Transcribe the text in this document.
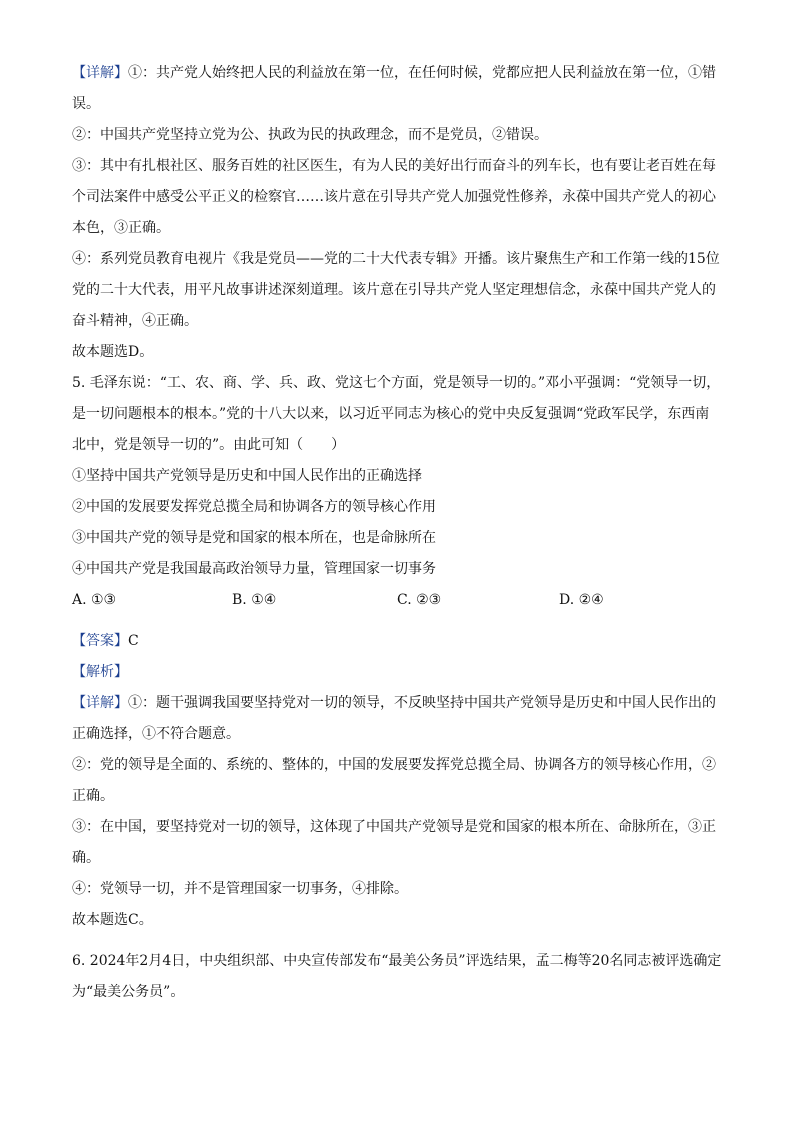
【详解】①：共产党人始终把人民的利益放在第一位，在任何时候，党都应把人民利益放在第一位，①错误。

②：中国共产党坚持立党为公、执政为民的执政理念，而不是党员，②错误。

③：其中有扎根社区、服务百姓的社区医生，有为人民的美好出行而奋斗的列车长，也有要让老百姓在每个司法案件中感受公平正义的检察官……该片意在引导共产党人加强党性修养，永葆中国共产党人的初心本色，③正确。

④：系列党员教育电视片《我是党员——党的二十大代表专辑》开播。该片聚焦生产和工作第一线的15位党的二十大代表，用平凡故事讲述深刻道理。该片意在引导共产党人坚定理想信念，永葆中国共产党人的奋斗精神，④正确。

故本题选D。

5. 毛泽东说：“工、农、商、学、兵、政、党这七个方面，党是领导一切的。”邓小平强调：“党领导一切，是一切问题根本的根本。”党的十八大以来，以习近平同志为核心的党中央反复强调“党政军民学，东西南北中，党是领导一切的”。由此可知（　　）

①坚持中国共产党领导是历史和中国人民作出的正确选择

②中国的发展要发挥党总揽全局和协调各方的领导核心作用

③中国共产党的领导是党和国家的根本所在，也是命脉所在

④中国共产党是我国最高政治领导力量，管理国家一切事务

A. ①③	B. ①④	C. ②③	D. ②④

【答案】C

【解析】

【详解】①：题干强调我国要坚持党对一切的领导，不反映坚持中国共产党领导是历史和中国人民作出的正确选择，①不符合题意。

②：党的领导是全面的、系统的、整体的，中国的发展要发挥党总揽全局、协调各方的领导核心作用，②正确。

③：在中国，要坚持党对一切的领导，这体现了中国共产党领导是党和国家的根本所在、命脉所在，③正确。

④：党领导一切，并不是管理国家一切事务，④排除。

故本题选C。

6. 2024年2月4日，中央组织部、中央宣传部发布“最美公务员”评选结果，孟二梅等20名同志被评选确定为“最美公务员”。
